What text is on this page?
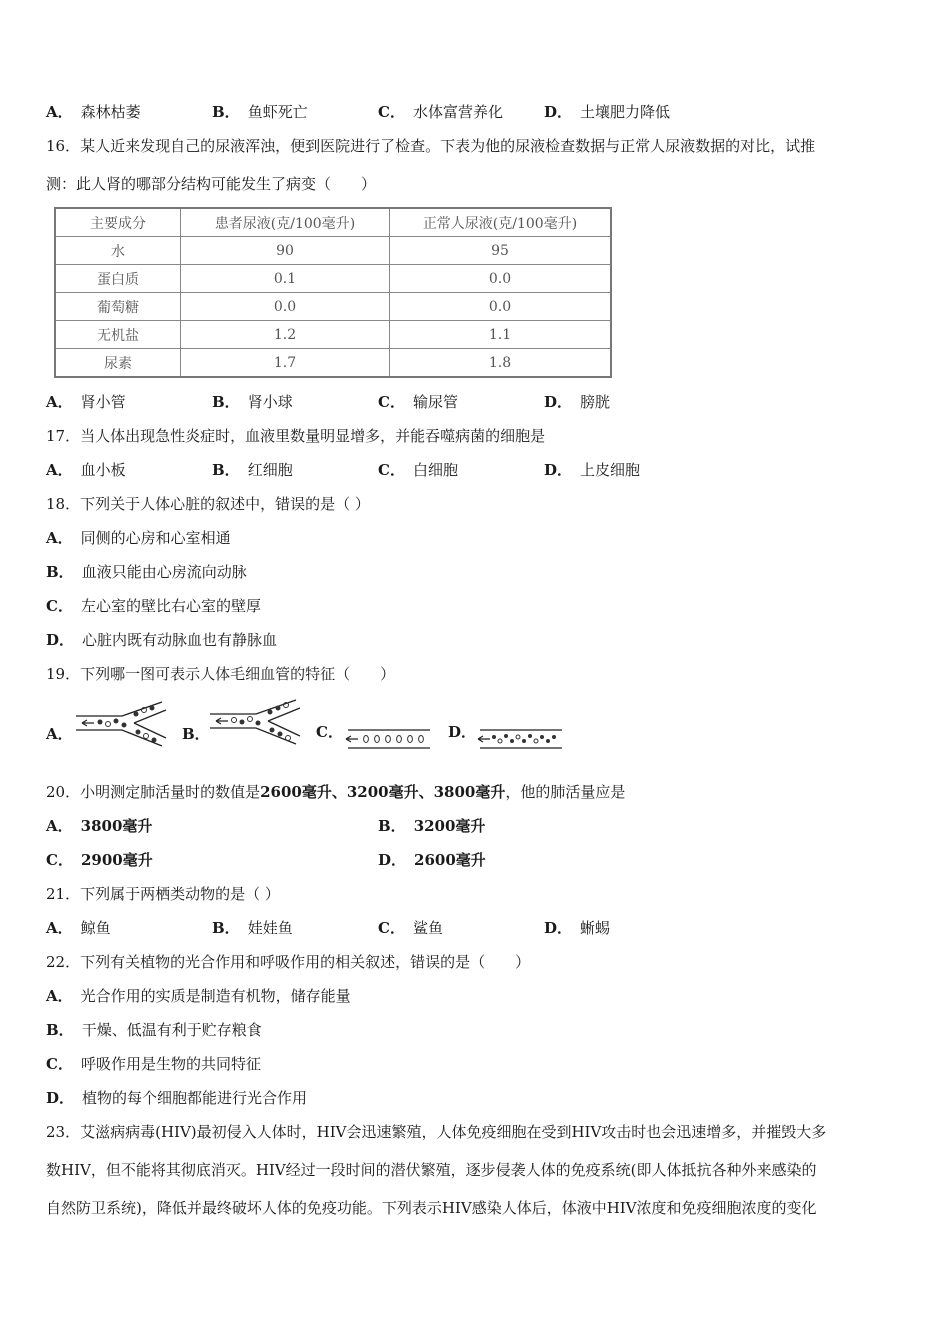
A． 森林枯萎	B． 鱼虾死亡	C． 水体富营养化	D． 土壤肥力降低
16．某人近来发现自己的尿液浑浊，便到医院进行了检查。下表为他的尿液检查数据与正常人尿液数据的对比，试推
测：此人肾的哪部分结构可能发生了病变（　　）
主要成分	患者尿液(克/100毫升)	正常人尿液(克/100毫升)
水	90	95
蛋白质	0.1	0.0
葡萄糖	0.0	0.0
无机盐	1.2	1.1
尿素	1.7	1.8
A． 肾小管	B． 肾小球	C． 输尿管	D． 膀胱
17．当人体出现急性炎症时，血液里数量明显增多，并能吞噬病菌的细胞是
A． 血小板	B． 红细胞	C． 白细胞	D． 上皮细胞
18．下列关于人体心脏的叙述中，错误的是（ ）
A． 同侧的心房和心室相通
B． 血液只能由心房流向动脉
C． 左心室的壁比右心室的壁厚
D． 心脏内既有动脉血也有静脉血
19．下列哪一图可表示人体毛细血管的特征（　　）
A．	B．	C．	D．
20．小明测定肺活量时的数值是2600毫升、3200毫升、3800毫升，他的肺活量应是
A． 3800毫升	B． 3200毫升
C． 2900毫升	D． 2600毫升
21．下列属于两栖类动物的是（ ）
A． 鲸鱼	B． 娃娃鱼	C． 鲨鱼	D． 蜥蜴
22．下列有关植物的光合作用和呼吸作用的相关叙述，错误的是（　　）
A． 光合作用的实质是制造有机物，储存能量
B． 干燥、低温有利于贮存粮食
C． 呼吸作用是生物的共同特征
D． 植物的每个细胞都能进行光合作用
23．艾滋病病毒(HIV)最初侵入人体时，HIV会迅速繁殖，人体免疫细胞在受到HIV攻击时也会迅速增多，并摧毁大多
数HIV，但不能将其彻底消灭。HIV经过一段时间的潜伏繁殖，逐步侵袭人体的免疫系统(即人体抵抗各种外来感染的
自然防卫系统)，降低并最终破坏人体的免疫功能。下列表示HIV感染人体后，体液中HIV浓度和免疫细胞浓度的变化
